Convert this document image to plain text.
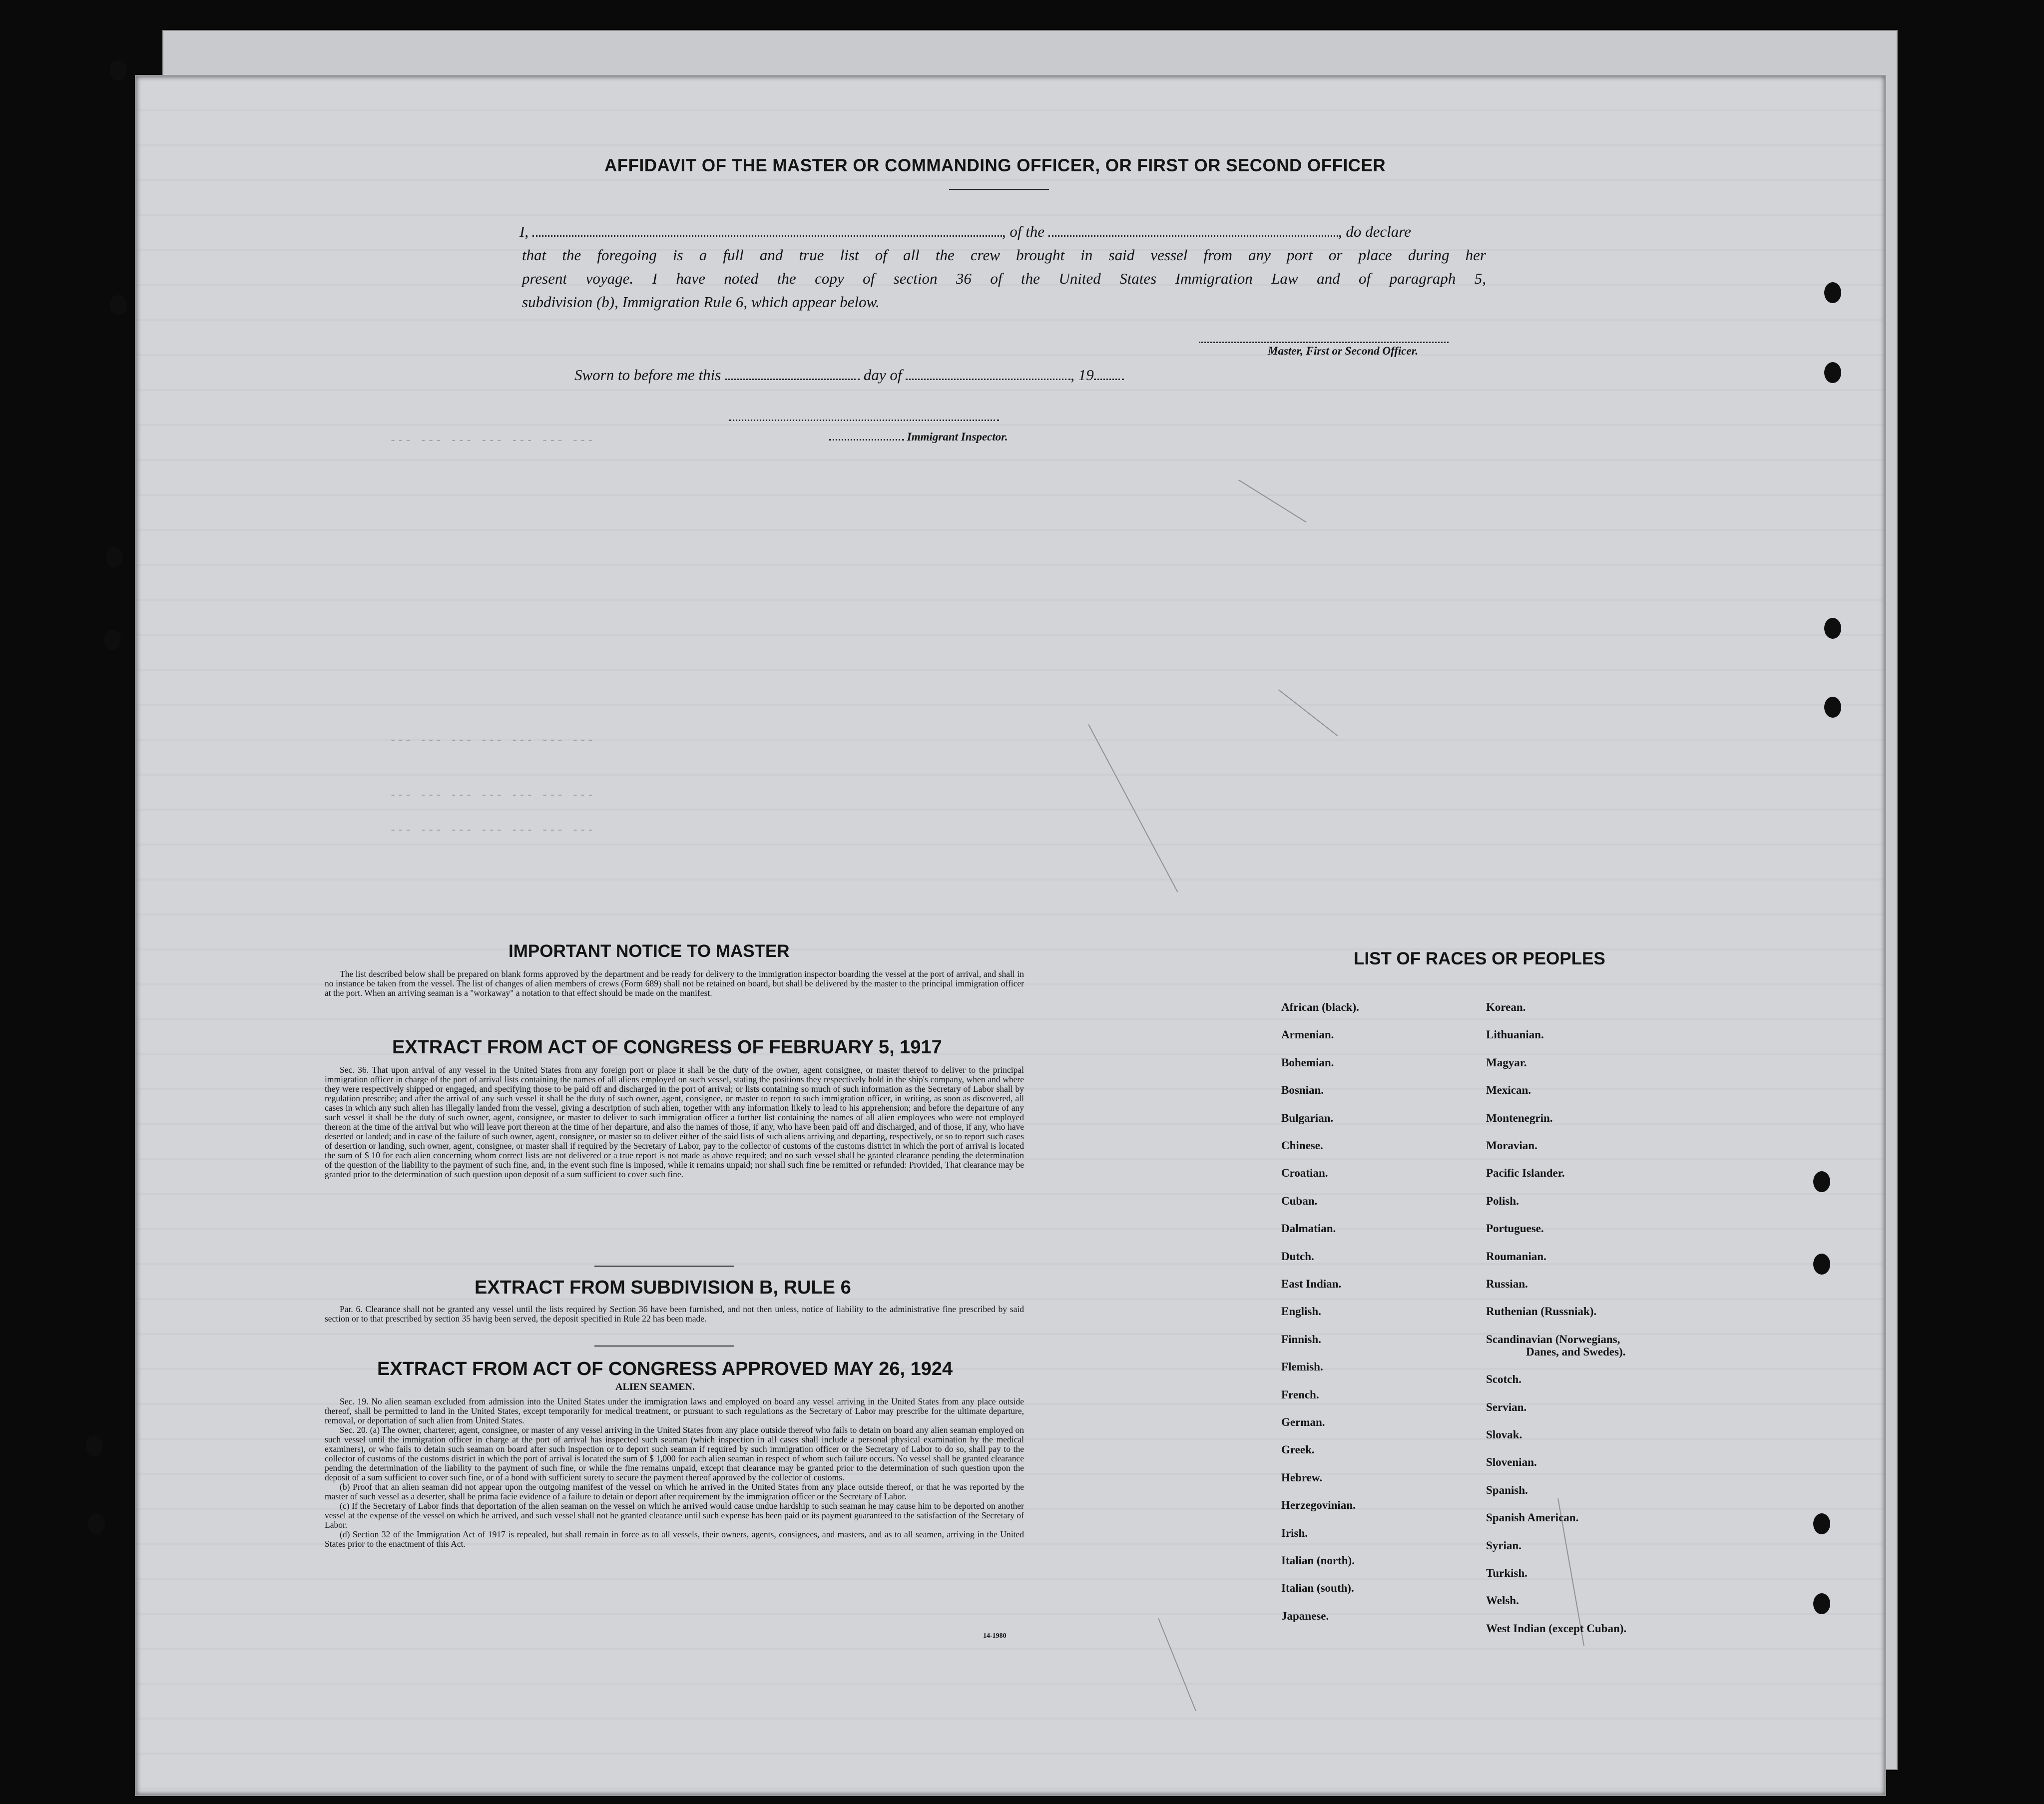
--- --- --- --- --- --- ---
--- --- --- --- --- --- ---
--- --- --- --- --- --- ---
--- --- --- --- --- --- ---
AFFIDAVIT OF THE MASTER OR COMMANDING OFFICER, OR FIRST OR SECOND OFFICER
I,	, of the	, do declare
that the foregoing is a full and true list of all the crew brought in said vessel from any port or place during her
present voyage. I have noted the copy of section 36 of the United States Immigration Law and of paragraph 5,
subdivision (b), Immigration Rule 6, which appear below.
Master, First or Second Officer.
Sworn to before me this	day of	, 19
Immigrant Inspector.
IMPORTANT NOTICE TO MASTER
The list described below shall be prepared on blank forms approved by the department and be ready for delivery to the immigration inspector boarding the vessel at the port of arrival, and shall in no instance be taken from the vessel. The list of changes of alien members of crews (Form 689) shall not be retained on board, but shall be delivered by the master to the principal immigration officer at the port. When an arriving seaman is a "workaway" a notation to that effect should be made on the manifest.
EXTRACT FROM ACT OF CONGRESS OF FEBRUARY 5, 1917
Sec. 36. That upon arrival of any vessel in the United States from any foreign port or place it shall be the duty of the owner, agent consignee, or master thereof to deliver to the principal immigration officer in charge of the port of arrival lists containing the names of all aliens employed on such vessel, stating the positions they respectively hold in the ship's company, when and where they were respectively shipped or engaged, and specifying those to be paid off and discharged in the port of arrival; or lists containing so much of such information as the Secretary of Labor shall by regulation prescribe; and after the arrival of any such vessel it shall be the duty of such owner, agent, consignee, or master to report to such immigration officer, in writing, as soon as discovered, all cases in which any such alien has illegally landed from the vessel, giving a description of such alien, together with any information likely to lead to his apprehension; and before the departure of any such vessel it shall be the duty of such owner, agent, consignee, or master to deliver to such immigration officer a further list containing the names of all alien employees who were not employed thereon at the time of the arrival but who will leave port thereon at the time of her departure, and also the names of those, if any, who have been paid off and discharged, and of those, if any, who have deserted or landed; and in case of the failure of such owner, agent, consignee, or master so to deliver either of the said lists of such aliens arriving and departing, respectively, or so to report such cases of desertion or landing, such owner, agent, consignee, or master shall if required by the Secretary of Labor, pay to the collector of customs of the customs district in which the port of arrival is located the sum of $ 10 for each alien concerning whom correct lists are not delivered or a true report is not made as above required; and no such vessel shall be granted clearance pending the determination of the question of the liability to the payment of such fine, and, in the event such fine is imposed, while it remains unpaid; nor shall such fine be remitted or refunded: Provided, That clearance may be granted prior to the determination of such question upon deposit of a sum sufficient to cover such fine.
EXTRACT FROM SUBDIVISION B, RULE 6
Par. 6. Clearance shall not be granted any vessel until the lists required by Section 36 have been furnished, and not then unless, notice of liability to the administrative fine prescribed by said section or to that prescribed by section 35 havig been served, the deposit specified in Rule 22 has been made.
EXTRACT FROM ACT OF CONGRESS APPROVED MAY 26, 1924
ALIEN SEAMEN.

Sec. 19. No alien seaman excluded from admission into the United States under the immigration laws and employed on board any vessel arriving in the United States from any place outside thereof, shall be permitted to land in the United States, except temporarily for medical treatment, or pursuant to such regulations as the Secretary of Labor may prescribe for the ultimate departure, removal, or deportation of such alien from United States.

Sec. 20. (a) The owner, charterer, agent, consignee, or master of any vessel arriving in the United States from any place outside thereof who fails to detain on board any alien seaman employed on such vessel until the immigration officer in charge at the port of arrival has inspected such seaman (which inspection in all cases shall include a personal physical examination by the medical examiners), or who fails to detain such seaman on board after such inspection or to deport such seaman if required by such immigration officer or the Secretary of Labor to do so, shall pay to the collector of customs of the customs district in which the port of arrival is located the sum of $ 1,000 for each alien seaman in respect of whom such failure occurs. No vessel shall be granted clearance pending the determination of the liability to the payment of such fine, or while the fine remains unpaid, except that clearance may be granted prior to the determination of such question upon the deposit of a sum sufficient to cover such fine, or of a bond with sufficient surety to secure the payment thereof approved by the collector of customs.

(b) Proof that an alien seaman did not appear upon the outgoing manifest of the vessel on which he arrived in the United States from any place outside thereof, or that he was reported by the master of such vessel as a deserter, shall be prima facie evidence of a failure to detain or deport after requirement by the immigration officer or the Secretary of Labor.

(c) If the Secretary of Labor finds that deportation of the alien seaman on the vessel on which he arrived would cause undue hardship to such seaman he may cause him to be deported on another vessel at the expense of the vessel on which he arrived, and such vessel shall not be granted clearance until such expense has been paid or its payment guaranteed to the satisfaction of the Secretary of Labor.

(d) Section 32 of the Immigration Act of 1917 is repealed, but shall remain in force as to all vessels, their owners, agents, consignees, and masters, and as to all seamen, arriving in the United States prior to the enactment of this Act.

14-1980
LIST OF RACES OR PEOPLES
African (black).
Armenian.
Bohemian.
Bosnian.
Bulgarian.
Chinese.
Croatian.
Cuban.
Dalmatian.
Dutch.
East Indian.
English.
Finnish.
Flemish.
French.
German.
Greek.
Hebrew.
Herzegovinian.
Irish.
Italian (north).
Italian (south).
Japanese.
Korean.
Lithuanian.
Magyar.
Mexican.
Montenegrin.
Moravian.
Pacific Islander.
Polish.
Portuguese.
Roumanian.
Russian.
Ruthenian (Russniak).
Scandinavian (Norwegians,
Danes, and Swedes).
Scotch.
Servian.
Slovak.
Slovenian.
Spanish.
Spanish American.
Syrian.
Turkish.
Welsh.
West Indian (except Cuban).
